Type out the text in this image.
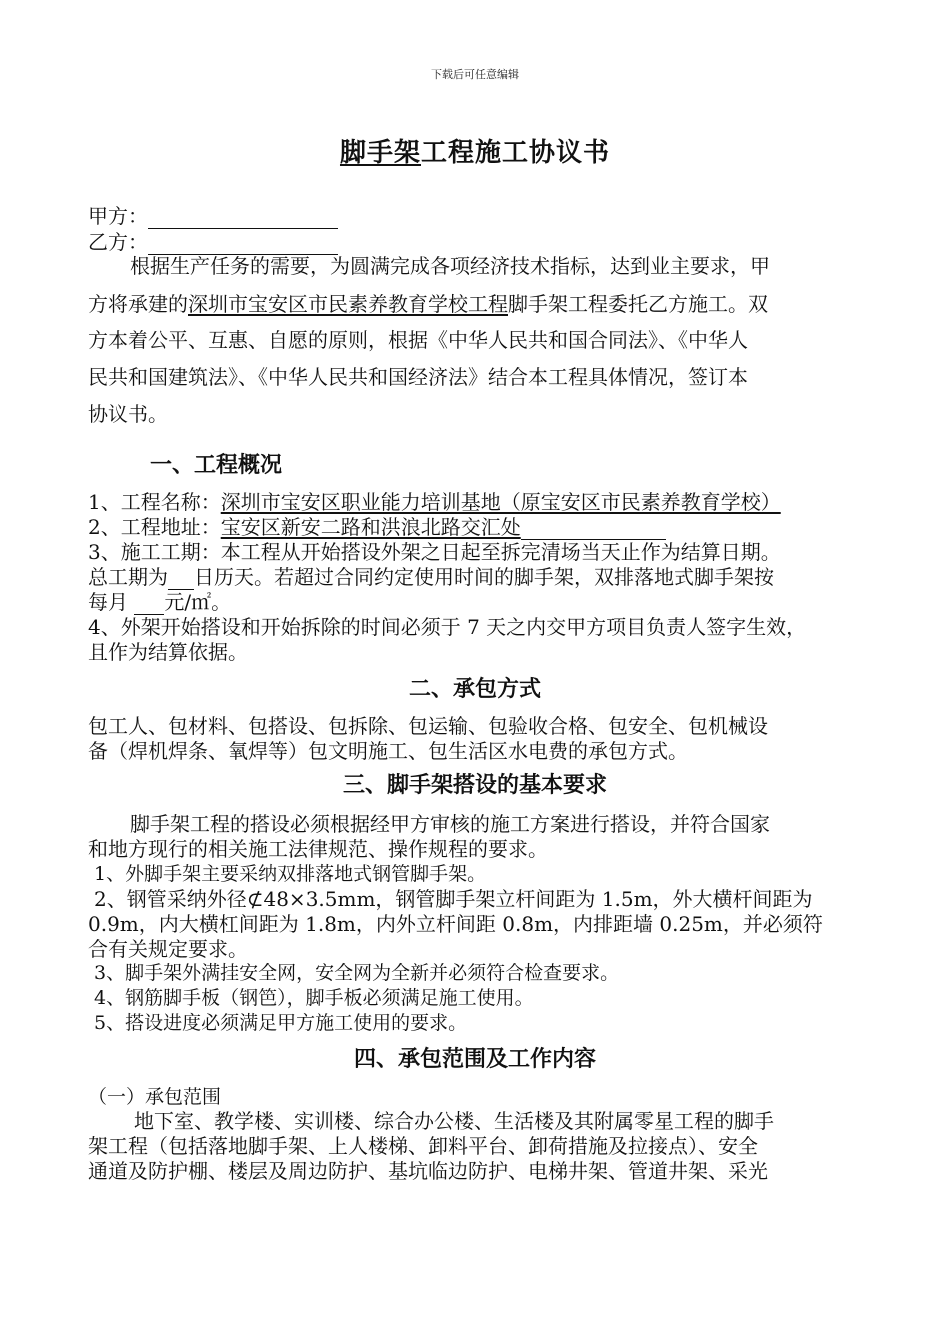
下载后可任意编辑
脚手架工程施工协议书
甲方：
乙方：
根据生产任务的需要，为圆满完成各项经济技术指标，达到业主要求，甲
方将承建的深圳市宝安区市民素养教育学校工程脚手架工程委托乙方施工。双
方本着公平、互惠、自愿的原则，根据《中华人民共和国合同法》、《中华人
民共和国建筑法》、《中华人民共和国经济法》结合本工程具体情况，签订本
协议书。
一、工程概况
1、工程名称：深圳市宝安区职业能力培训基地（原宝安区市民素养教育学校）
2、工程地址：宝安区新安二路和洪浪北路交汇处
3、施工工期：本工程从开始搭设外架之日起至拆完清场当天止作为结算日期。
总工期为 日历天。若超过合同约定使用时间的脚手架，双排落地式脚手架按
每月 元/㎡。
4、外架开始搭设和开始拆除的时间必须于 7 天之内交甲方项目负责人签字生效，
且作为结算依据。
二、承包方式
包工人、包材料、包搭设、包拆除、包运输、包验收合格、包安全、包机械设
备（焊机焊条、氧焊等）包文明施工、包生活区水电费的承包方式。
三、脚手架搭设的基本要求
脚手架工程的搭设必须根据经甲方审核的施工方案进行搭设，并符合国家
和地方现行的相关施工法律规范、操作规程的要求。
1、外脚手架主要采纳双排落地式钢管脚手架。
2、钢管采纳外径⊄48×3.5mm，钢管脚手架立杆间距为 1.5m，外大横杆间距为
0.9m，内大横杠间距为 1.8m，内外立杆间距 0.8m，内排距墙 0.25m，并必须符
合有关规定要求。
3、脚手架外满挂安全网，安全网为全新并必须符合检查要求。
4、钢筋脚手板（钢笆），脚手板必须满足施工使用。
5、搭设进度必须满足甲方施工使用的要求。
四、承包范围及工作内容
（一）承包范围
地下室、教学楼、实训楼、综合办公楼、生活楼及其附属零星工程的脚手
架工程（包括落地脚手架、上人楼梯、卸料平台、卸荷措施及拉接点）、安全
通道及防护棚、楼层及周边防护、基坑临边防护、电梯井架、管道井架、采光
